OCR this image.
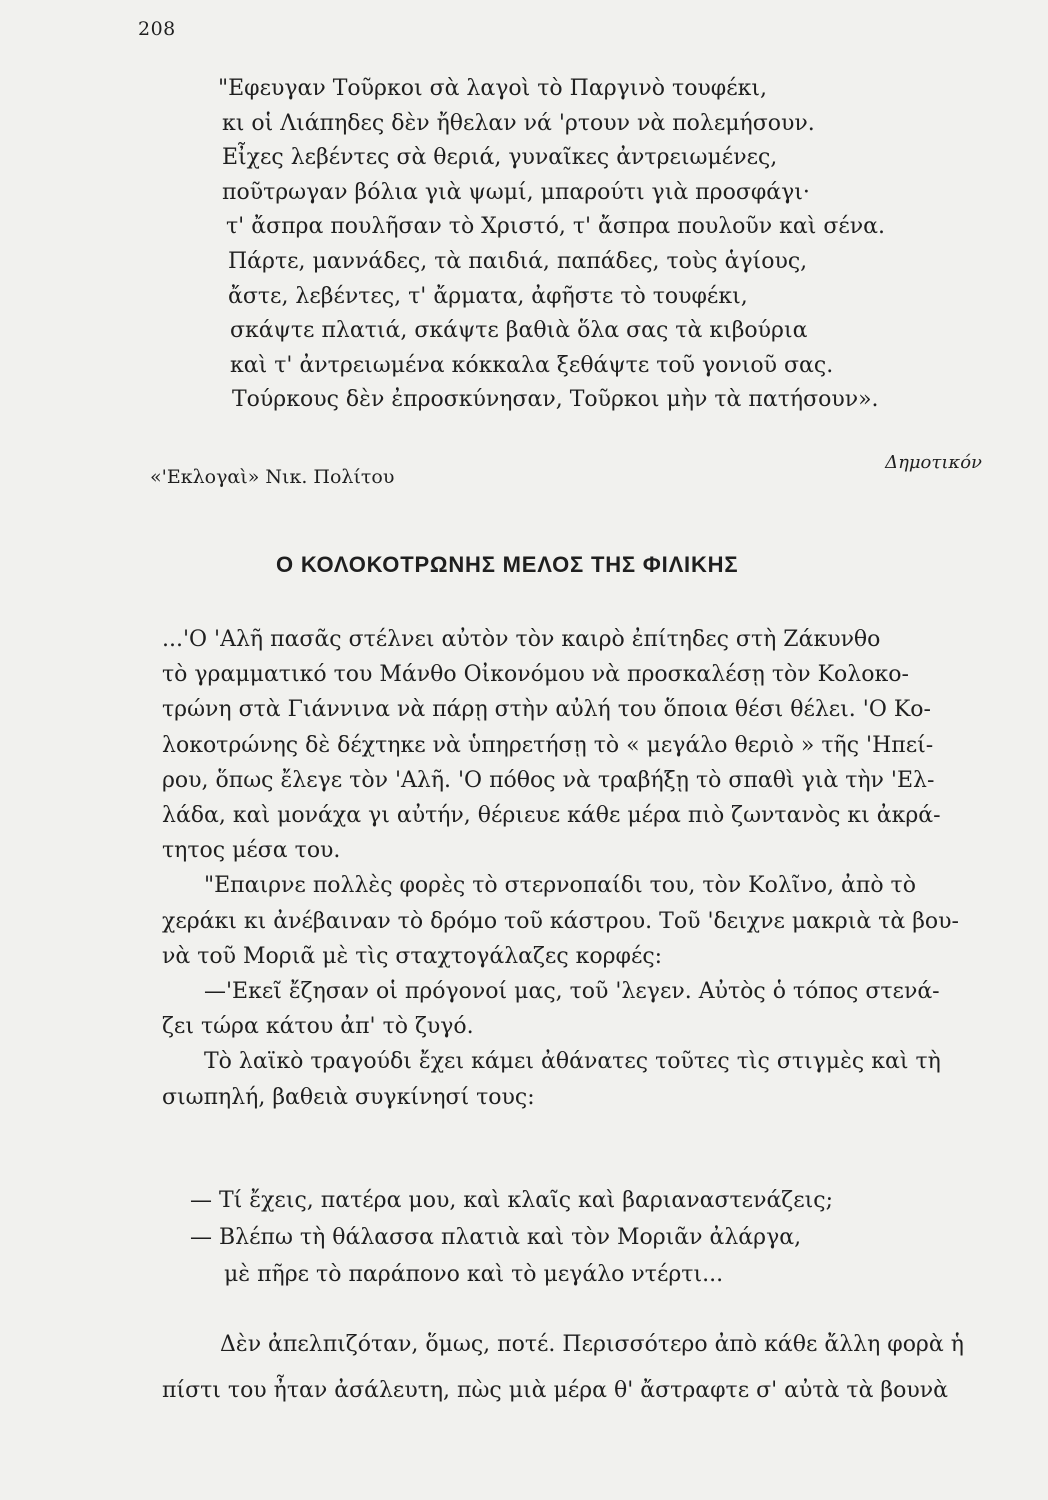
208
"Εφευγαν Τοῦρκοι σὰ λαγοὶ τὸ Παργινὸ τουφέκι,
κι οἱ Λιάπηδες δὲν ἤθελαν νά 'ρτουν νὰ πολεμήσουν.
Εἶχες λεβέντες σὰ θεριά, γυναῖκες ἀντρειωμένες,
ποῦτρωγαν βόλια γιὰ ψωμί, μπαρούτι γιὰ προσφάγι·
τ' ἄσπρα πουλῆσαν τὸ Χριστό, τ' ἄσπρα πουλοῦν καὶ σένα.
Πάρτε, μαννάδες, τὰ παιδιά, παπάδες, τοὺς ἁγίους,
ἄστε, λεβέντες, τ' ἄρματα, ἀφῆστε τὸ τουφέκι,
σκάψτε πλατιά, σκάψτε βαθιὰ ὅλα σας τὰ κιβούρια
καὶ τ' ἀντρειωμένα κόκκαλα ξεθάψτε τοῦ γονιοῦ σας.
Τούρκους δὲν ἐπροσκύνησαν, Τοῦρκοι μὴν τὰ πατήσουν».
«'Εκλογαὶ» Νικ. Πολίτου
Δημοτικόν
Ο ΚΟΛΟΚΟΤΡΩΝΗΣ ΜΕΛΟΣ ΤΗΣ ΦΙΛΙΚΗΣ
...'Ο 'Αλῆ πασᾶς στέλνει αὐτὸν τὸν καιρὸ ἐπίτηδες στὴ Ζάκυνθο
τὸ γραμματικό του Μάνθο Οἰκονόμου νὰ προσκαλέσῃ τὸν Κολοκο-
τρώνη στὰ Γιάννινα νὰ πάρῃ στὴν αὐλή του ὅποια θέσι θέλει. 'Ο Κο-
λοκοτρώνης δὲ δέχτηκε νὰ ὑπηρετήσῃ τὸ « μεγάλο θεριὸ » τῆς 'Ηπεί-
ρου, ὅπως ἔλεγε τὸν 'Αλῆ. 'Ο πόθος νὰ τραβήξῃ τὸ σπαθὶ γιὰ τὴν 'Ελ-
λάδα, καὶ μονάχα γι αὐτήν, θέριευε κάθε μέρα πιὸ ζωντανὸς κι ἀκρά-
τητος μέσα του.
"Επαιρνε πολλὲς φορὲς τὸ στερνοπαίδι του, τὸν Κολῖνο, ἀπὸ τὸ
χεράκι κι ἀνέβαιναν τὸ δρόμο τοῦ κάστρου. Τοῦ 'δειχνε μακριὰ τὰ βου-
νὰ τοῦ Μοριᾶ μὲ τὶς σταχτογάλαζες κορφές:
—'Εκεῖ ἔζησαν οἱ πρόγονοί μας, τοῦ 'λεγεν. Αὐτὸς ὁ τόπος στενά-
ζει τώρα κάτου ἀπ' τὸ ζυγό.
Τὸ λαϊκὸ τραγούδι ἔχει κάμει ἀθάνατες τοῦτες τὶς στιγμὲς καὶ τὴ
σιωπηλή, βαθειὰ συγκίνησί τους:
— Τί ἔχεις, πατέρα μου, καὶ κλαῖς καὶ βαριαναστενάζεις;
— Βλέπω τὴ θάλασσα πλατιὰ καὶ τὸν Μοριᾶν ἀλάργα,
μὲ πῆρε τὸ παράπονο καὶ τὸ μεγάλο ντέρτι...
Δὲν ἀπελπιζόταν, ὅμως, ποτέ. Περισσότερο ἀπὸ κάθε ἄλλη φορὰ ἡ
πίστι του ἦταν ἀσάλευτη, πὼς μιὰ μέρα θ' ἄστραφτε σ' αὐτὰ τὰ βουνὰ
